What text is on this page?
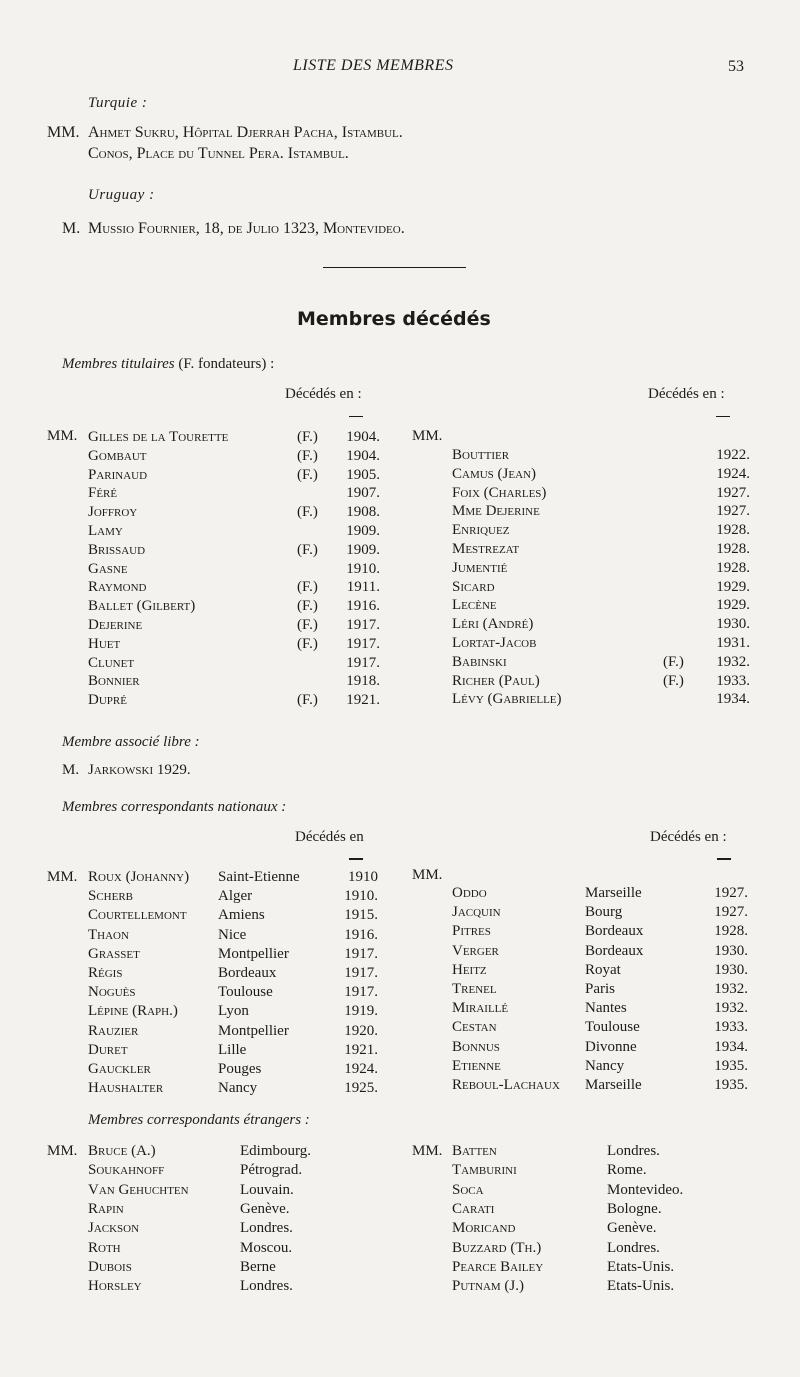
LISTE DES MEMBRES	53
Turquie :
MM. Ahmet Sukru, Hôpital Djerrah Pacha, Istambul.
Conos, Place du Tunnel Pera. Istambul.
Uruguay :
M. Mussio Fournier, 18, de Julio 1323, Montevideo.
Membres décédés
Membres titulaires (F. fondateurs) :
Décédés en :	Décédés en :
MM.	MM.
Gilles de la Tourette	(F.)	1904.
Gombaut	(F.)	1904.
Parinaud	(F.)	1905.
Féré	1907.
Joffroy	(F.)	1908.
Lamy	1909.
Brissaud	(F.)	1909.
Gasne	1910.
Raymond	(F.)	1911.
Ballet (Gilbert)	(F.)	1916.
Dejerine	(F.)	1917.
Huet	(F.)	1917.
Clunet	1917.
Bonnier	1918.
Dupré	(F.)	1921.
Bouttier	1922.
Camus (Jean)	1924.
Foix (Charles)	1927.
Mme Dejerine	1927.
Enriquez	1928.
Mestrezat	1928.
Jumentié	1928.
Sicard	1929.
Lecène	1929.
Léri (André)	1930.
Lortat-Jacob	1931.
Babinski	(F.)	1932.
Richer (Paul)	(F.)	1933.
Lévy (Gabrielle)	1934.
Membre associé libre :
M. Jarkowski 1929.
Membres correspondants nationaux :
Décédés en	Décédés en :
MM.	MM.
Roux (Johanny) Saint-Etienne	1910
Scherb	Alger	1910.
Courtellemont Amiens	1915.
Thaon	Nice	1916.
Grasset	Montpellier	1917.
Régis	Bordeaux	1917.
Noguès	Toulouse	1917.
Lépine (Raph.)	Lyon	1919.
Rauzier	Montpellier	1920.
Duret	Lille	1921.
Gauckler	Pouges	1924.
Haushalter	Nancy	1925.
Oddo	Marseille	1927.
Jacquin	Bourg	1927.
Pitres	Bordeaux	1928.
Verger	Bordeaux	1930.
Heitz	Royat	1930.
Trenel	Paris	1932.
Miraillé	Nantes	1932.
Cestan	Toulouse	1933.
Bonnus	Divonne	1934.
Etienne	Nancy	1935.
Reboul-Lachaux Marseille	1935.
Membres correspondants étrangers :
MM.	MM.
Bruce (A.)	Edimbourg.
Soukahnoff	Pétrograd.
Van Gehuchten	Louvain.
Rapin	Genève.
Jackson	Londres.
Roth	Moscou.
Dubois	Berne
Horsley	Londres.
Batten	Londres.
Tamburini	Rome.
Soca	Montevideo.
Carati	Bologne.
Moricand	Genève.
Buzzard (Th.)	Londres.
Pearce Bailey	Etats-Unis.
Putnam (J.)	Etats-Unis.
